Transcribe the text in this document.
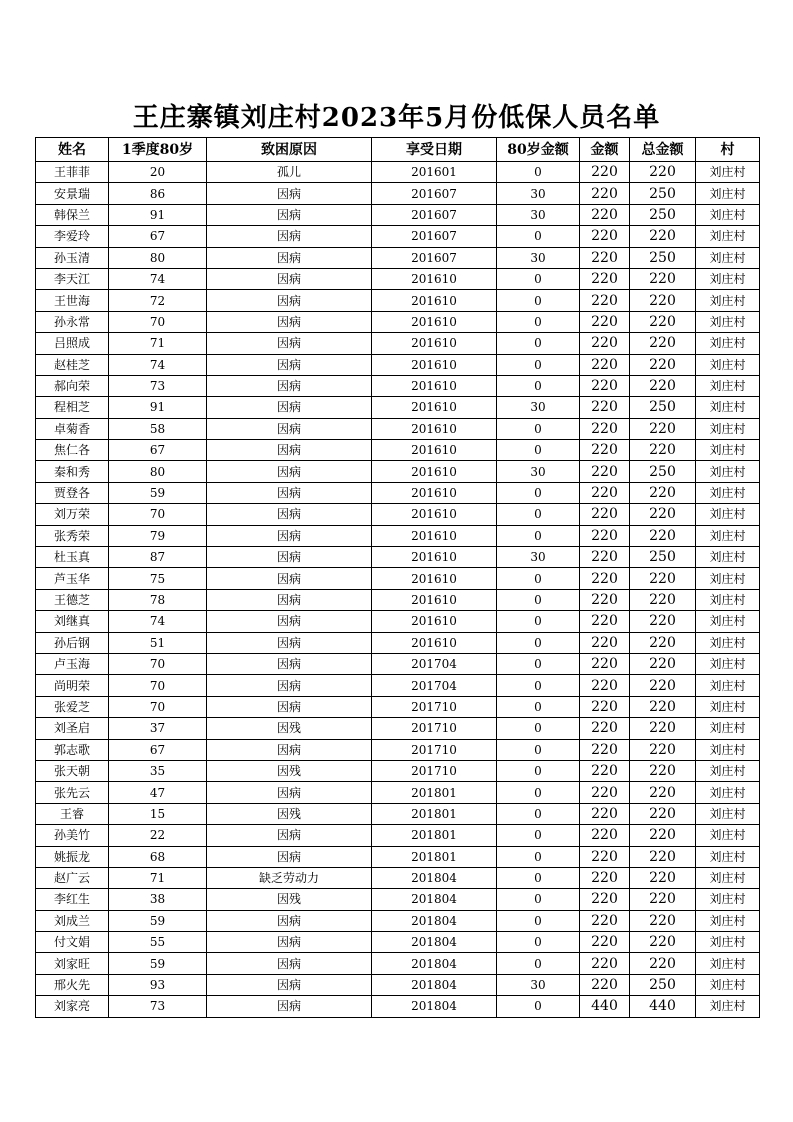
王庄寨镇刘庄村2023年5月份低保人员名单
姓名	1季度80岁	致困原因	享受日期	80岁金额	金额	总金额	村
王菲菲	20	孤儿	201601	0	220	220	刘庄村
安景瑞	86	因病	201607	30	220	250	刘庄村
韩保兰	91	因病	201607	30	220	250	刘庄村
李爱玲	67	因病	201607	0	220	220	刘庄村
孙玉清	80	因病	201607	30	220	250	刘庄村
李天江	74	因病	201610	0	220	220	刘庄村
王世海	72	因病	201610	0	220	220	刘庄村
孙永常	70	因病	201610	0	220	220	刘庄村
吕照成	71	因病	201610	0	220	220	刘庄村
赵桂芝	74	因病	201610	0	220	220	刘庄村
郝向荣	73	因病	201610	0	220	220	刘庄村
程相芝	91	因病	201610	30	220	250	刘庄村
卓菊香	58	因病	201610	0	220	220	刘庄村
焦仁各	67	因病	201610	0	220	220	刘庄村
秦和秀	80	因病	201610	30	220	250	刘庄村
贾登各	59	因病	201610	0	220	220	刘庄村
刘万荣	70	因病	201610	0	220	220	刘庄村
张秀荣	79	因病	201610	0	220	220	刘庄村
杜玉真	87	因病	201610	30	220	250	刘庄村
芦玉华	75	因病	201610	0	220	220	刘庄村
王德芝	78	因病	201610	0	220	220	刘庄村
刘继真	74	因病	201610	0	220	220	刘庄村
孙后钢	51	因病	201610	0	220	220	刘庄村
卢玉海	70	因病	201704	0	220	220	刘庄村
尚明荣	70	因病	201704	0	220	220	刘庄村
张爱芝	70	因病	201710	0	220	220	刘庄村
刘圣启	37	因残	201710	0	220	220	刘庄村
郭志歌	67	因病	201710	0	220	220	刘庄村
张天朝	35	因残	201710	0	220	220	刘庄村
张先云	47	因病	201801	0	220	220	刘庄村
王睿	15	因残	201801	0	220	220	刘庄村
孙美竹	22	因病	201801	0	220	220	刘庄村
姚振龙	68	因病	201801	0	220	220	刘庄村
赵广云	71	缺乏劳动力	201804	0	220	220	刘庄村
李红生	38	因残	201804	0	220	220	刘庄村
刘成兰	59	因病	201804	0	220	220	刘庄村
付文娟	55	因病	201804	0	220	220	刘庄村
刘家旺	59	因病	201804	0	220	220	刘庄村
邢火先	93	因病	201804	30	220	250	刘庄村
刘家亮	73	因病	201804	0	440	440	刘庄村
